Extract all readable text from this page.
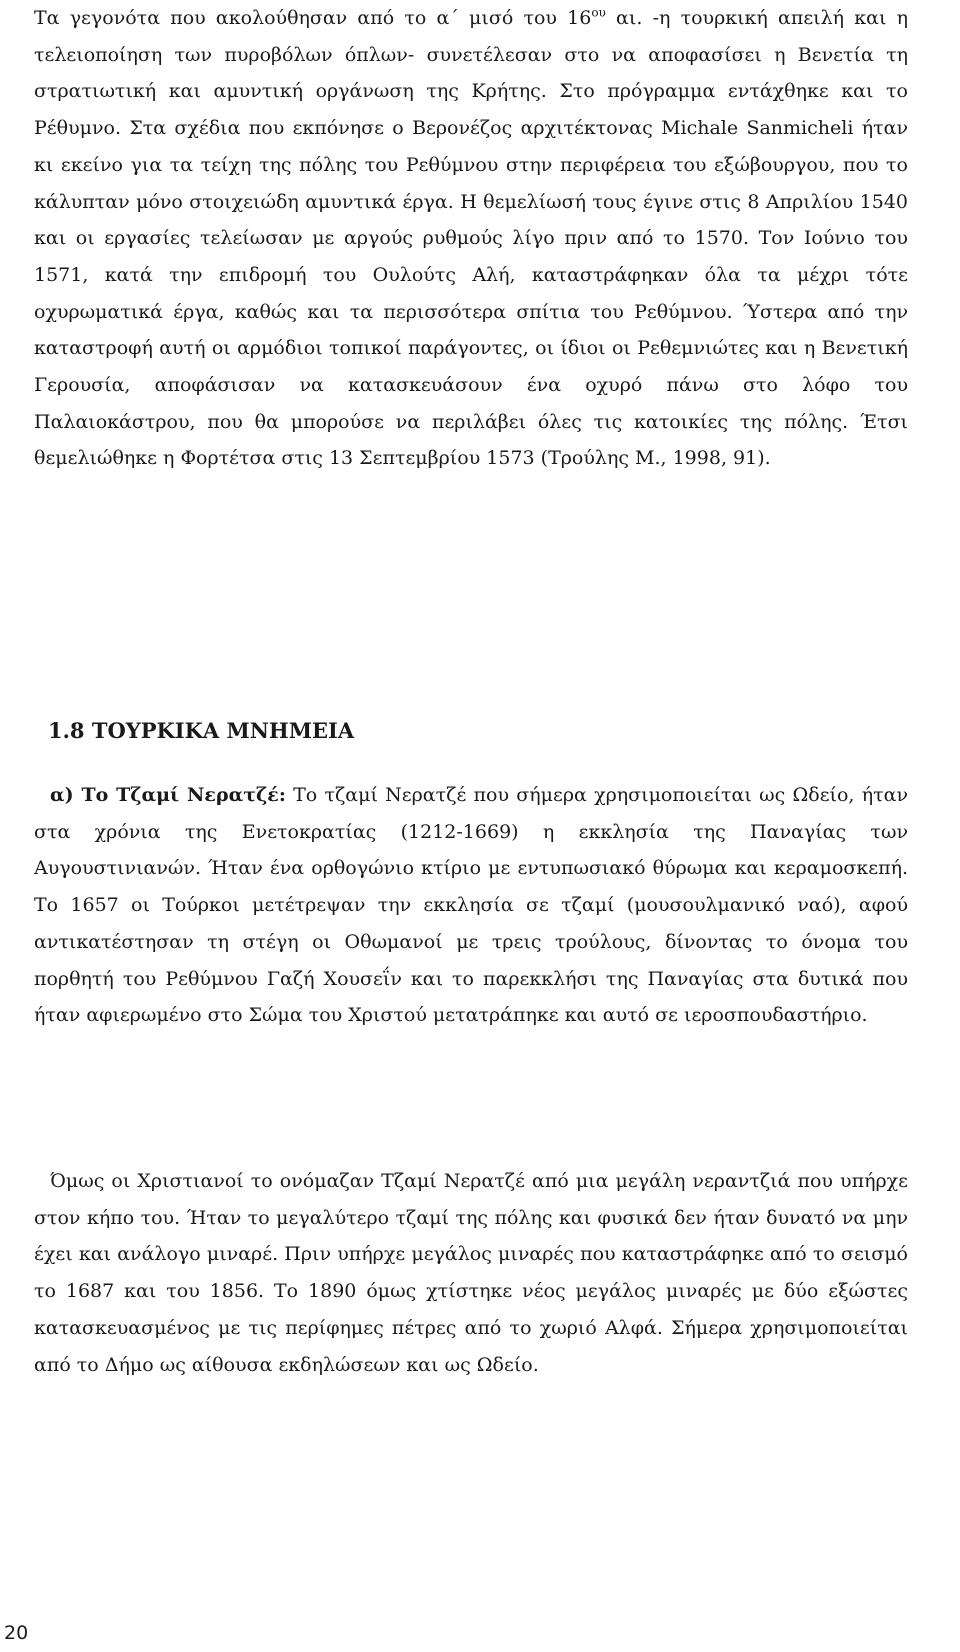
Τα γεγονότα που ακολούθησαν από το α΄ μισό του $16^{o\upsilon}$ αι. -η τουρκική απειλή και η τελειοποίηση των πυροβόλων όπλων- συνετέλεσαν στο να αποφασίσει η Βενετία τη στρατιωτική και αμυντική οργάνωση της Κρήτης. Στο πρόγραμμα εντάχθηκε και το Ρέθυμνο. Στα σχέδια που εκπόνησε ο Βερονέζος αρχιτέκτονας Michale Sanmicheli ήταν κι εκείνο για τα τείχη της πόλης του Ρεθύμνου στην περιφέρεια του εξώβουργου, που το κάλυπταν μόνο στοιχειώδη αμυντικά έργα. Η θεμελίωσή τους έγινε στις 8 Απριλίου 1540 και οι εργασίες τελείωσαν με αργούς ρυθμούς λίγο πριν από το 1570. Τον Ιούνιο του 1571, κατά την επιδρομή του Ουλούτς Αλή, καταστράφηκαν όλα τα μέχρι τότε οχυρωματικά έργα, καθώς και τα περισσότερα σπίτια του Ρεθύμνου. Ύστερα από την καταστροφή αυτή οι αρμόδιοι τοπικοί παράγοντες, οι ίδιοι οι Ρεθεμνιώτες και η Βενετική Γερουσία, αποφάσισαν να κατασκευάσουν ένα οχυρό πάνω στο λόφο του Παλαιοκάστρου, που θα μπορούσε να περιλάβει όλες τις κατοικίες της πόλης. Έτσι θεμελιώθηκε η Φορτέτσα στις 13 Σεπτεμβρίου 1573 (Τρούλης Μ., 1998, 91).

1.8 ΤΟΥΡΚΙΚΑ ΜΝΗΜΕΙΑ

α) Το Τζαμί Νερατζέ: Το τζαμί Νερατζέ που σήμερα χρησιμοποιείται ως Ωδείο, ήταν στα χρόνια της Ενετοκρατίας (1212-1669) η εκκλησία της Παναγίας των Αυγουστινιανών. Ήταν ένα ορθογώνιο κτίριο με εντυπωσιακό θύρωμα και κεραμοσκεπή. Το 1657 οι Τούρκοι μετέτρεψαν την εκκλησία σε τζαμί (μουσουλμανικό ναό), αφού αντικατέστησαν τη στέγη οι Οθωμανοί με τρεις τρούλους, δίνοντας το όνομα του πορθητή του Ρεθύμνου Γαζή Χουσεΐν και το παρεκκλήσι της Παναγίας στα δυτικά που ήταν αφιερωμένο στο Σώμα του Χριστού μετατράπηκε και αυτό σε ιεροσπουδαστήριο.

Όμως οι Χριστιανοί το ονόμαζαν Τζαμί Νερατζέ από μια μεγάλη νεραντζιά που υπήρχε στον κήπο του. Ήταν το μεγαλύτερο τζαμί της πόλης και φυσικά δεν ήταν δυνατό να μην έχει και ανάλογο μιναρέ. Πριν υπήρχε μεγάλος μιναρές που καταστράφηκε από το σεισμό το 1687 και του 1856. Το 1890 όμως χτίστηκε νέος μεγάλος μιναρές με δύο εξώστες κατασκευασμένος με τις περίφημες πέτρες από το χωριό Αλφά. Σήμερα χρησιμοποιείται από το Δήμο ως αίθουσα εκδηλώσεων και ως Ωδείο.

20
